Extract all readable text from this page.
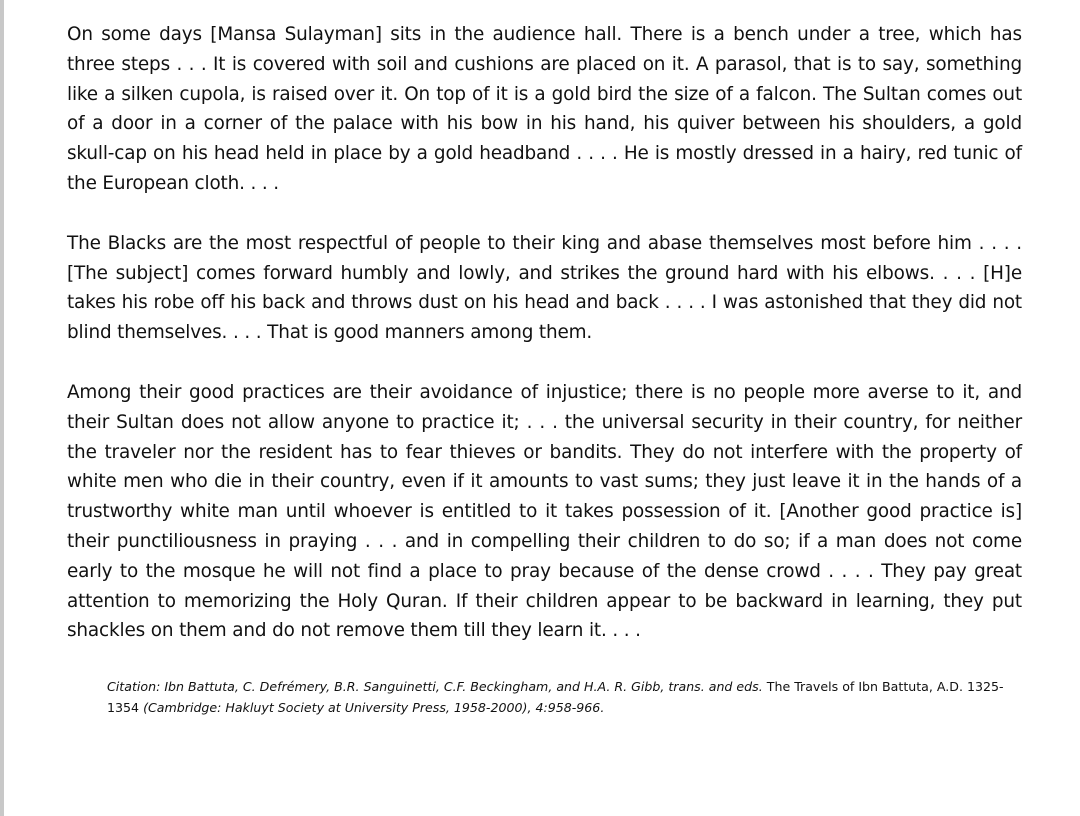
On some days [Mansa Sulayman] sits in the audience hall. There is a bench under a tree, which has three steps . . . It is covered with soil and cushions are placed on it. A parasol, that is to say, something like a silken cupola, is raised over it. On top of it is a gold bird the size of a falcon. The Sultan comes out of a door in a corner of the palace with his bow in his hand, his quiver between his shoulders, a gold skull-cap on his head held in place by a gold headband . . . . He is mostly dressed in a hairy, red tunic of the European cloth. . . .

The Blacks are the most respectful of people to their king and abase themselves most before him . . . . [The subject] comes forward humbly and lowly, and strikes the ground hard with his elbows. . . . [H]e takes his robe off his back and throws dust on his head and back . . . . I was astonished that they did not blind themselves. . . . That is good manners among them.

Among their good practices are their avoidance of injustice; there is no people more averse to it, and their Sultan does not allow anyone to practice it; . . . the universal security in their country, for neither the traveler nor the resident has to fear thieves or bandits. They do not interfere with the property of white men who die in their country, even if it amounts to vast sums; they just leave it in the hands of a trustworthy white man until whoever is entitled to it takes possession of it. [Another good practice is] their punctiliousness in praying . . . and in compelling their children to do so; if a man does not come early to the mosque he will not find a place to pray because of the dense crowd . . . . They pay great attention to memorizing the Holy Quran. If their children appear to be backward in learning, they put shackles on them and do not remove them till they learn it. . . .

Citation: Ibn Battuta, C. Defrémery, B.R. Sanguinetti, C.F. Beckingham, and H.A. R. Gibb, trans. and eds. The Travels of Ibn Battuta, A.D. 1325-1354 (Cambridge: Hakluyt Society at University Press, 1958-2000), 4:958-966.
